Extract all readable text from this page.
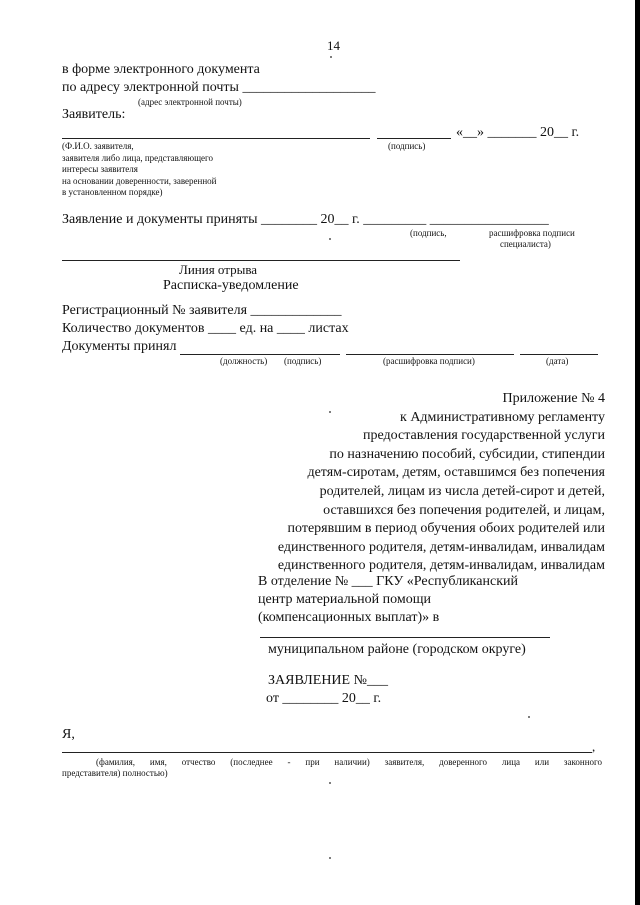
14
в форме электронного документа
по адресу электронной почты ___________________
(адрес электронной почты)
Заявитель:
«__» _______ 20__ г.
(Ф.И.О. заявителя,
заявителя либо лица, представляющего
интересы заявителя
на основании доверенности, заверенной
в установленном порядке)
(подпись)
Заявление и документы приняты ________ 20__ г. _________ _________________
(подпись,	расшифровка подписи
специалиста)
Линия отрыва
Расписка-уведомление
Регистрационный № заявителя _____________
Количество документов ____ ед. на ____ листах
Документы принял
(должность) (подпись)	(расшифровка подписи)	(дата)
Приложение № 4
к Административному регламенту
предоставления государственной услуги
по назначению пособий, субсидии, стипендии
детям-сиротам, детям, оставшимся без попечения
родителей, лицам из числа детей-сирот и детей,
оставшихся без попечения родителей, и лицам,
потерявшим в период обучения обоих родителей или
единственного родителя, детям-инвалидам, инвалидам
единственного родителя, детям-инвалидам, инвалидам
В отделение № ___ ГКУ «Республиканский
центр материальной помощи
(компенсационных выплат)» в
муниципальном районе (городском округе)
ЗАЯВЛЕНИЕ №___
от ________ 20__ г.
Я,
,
(фамилия, имя, отчество (последнее - при наличии) заявителя, доверенного лица или законного
представителя) полностью)
